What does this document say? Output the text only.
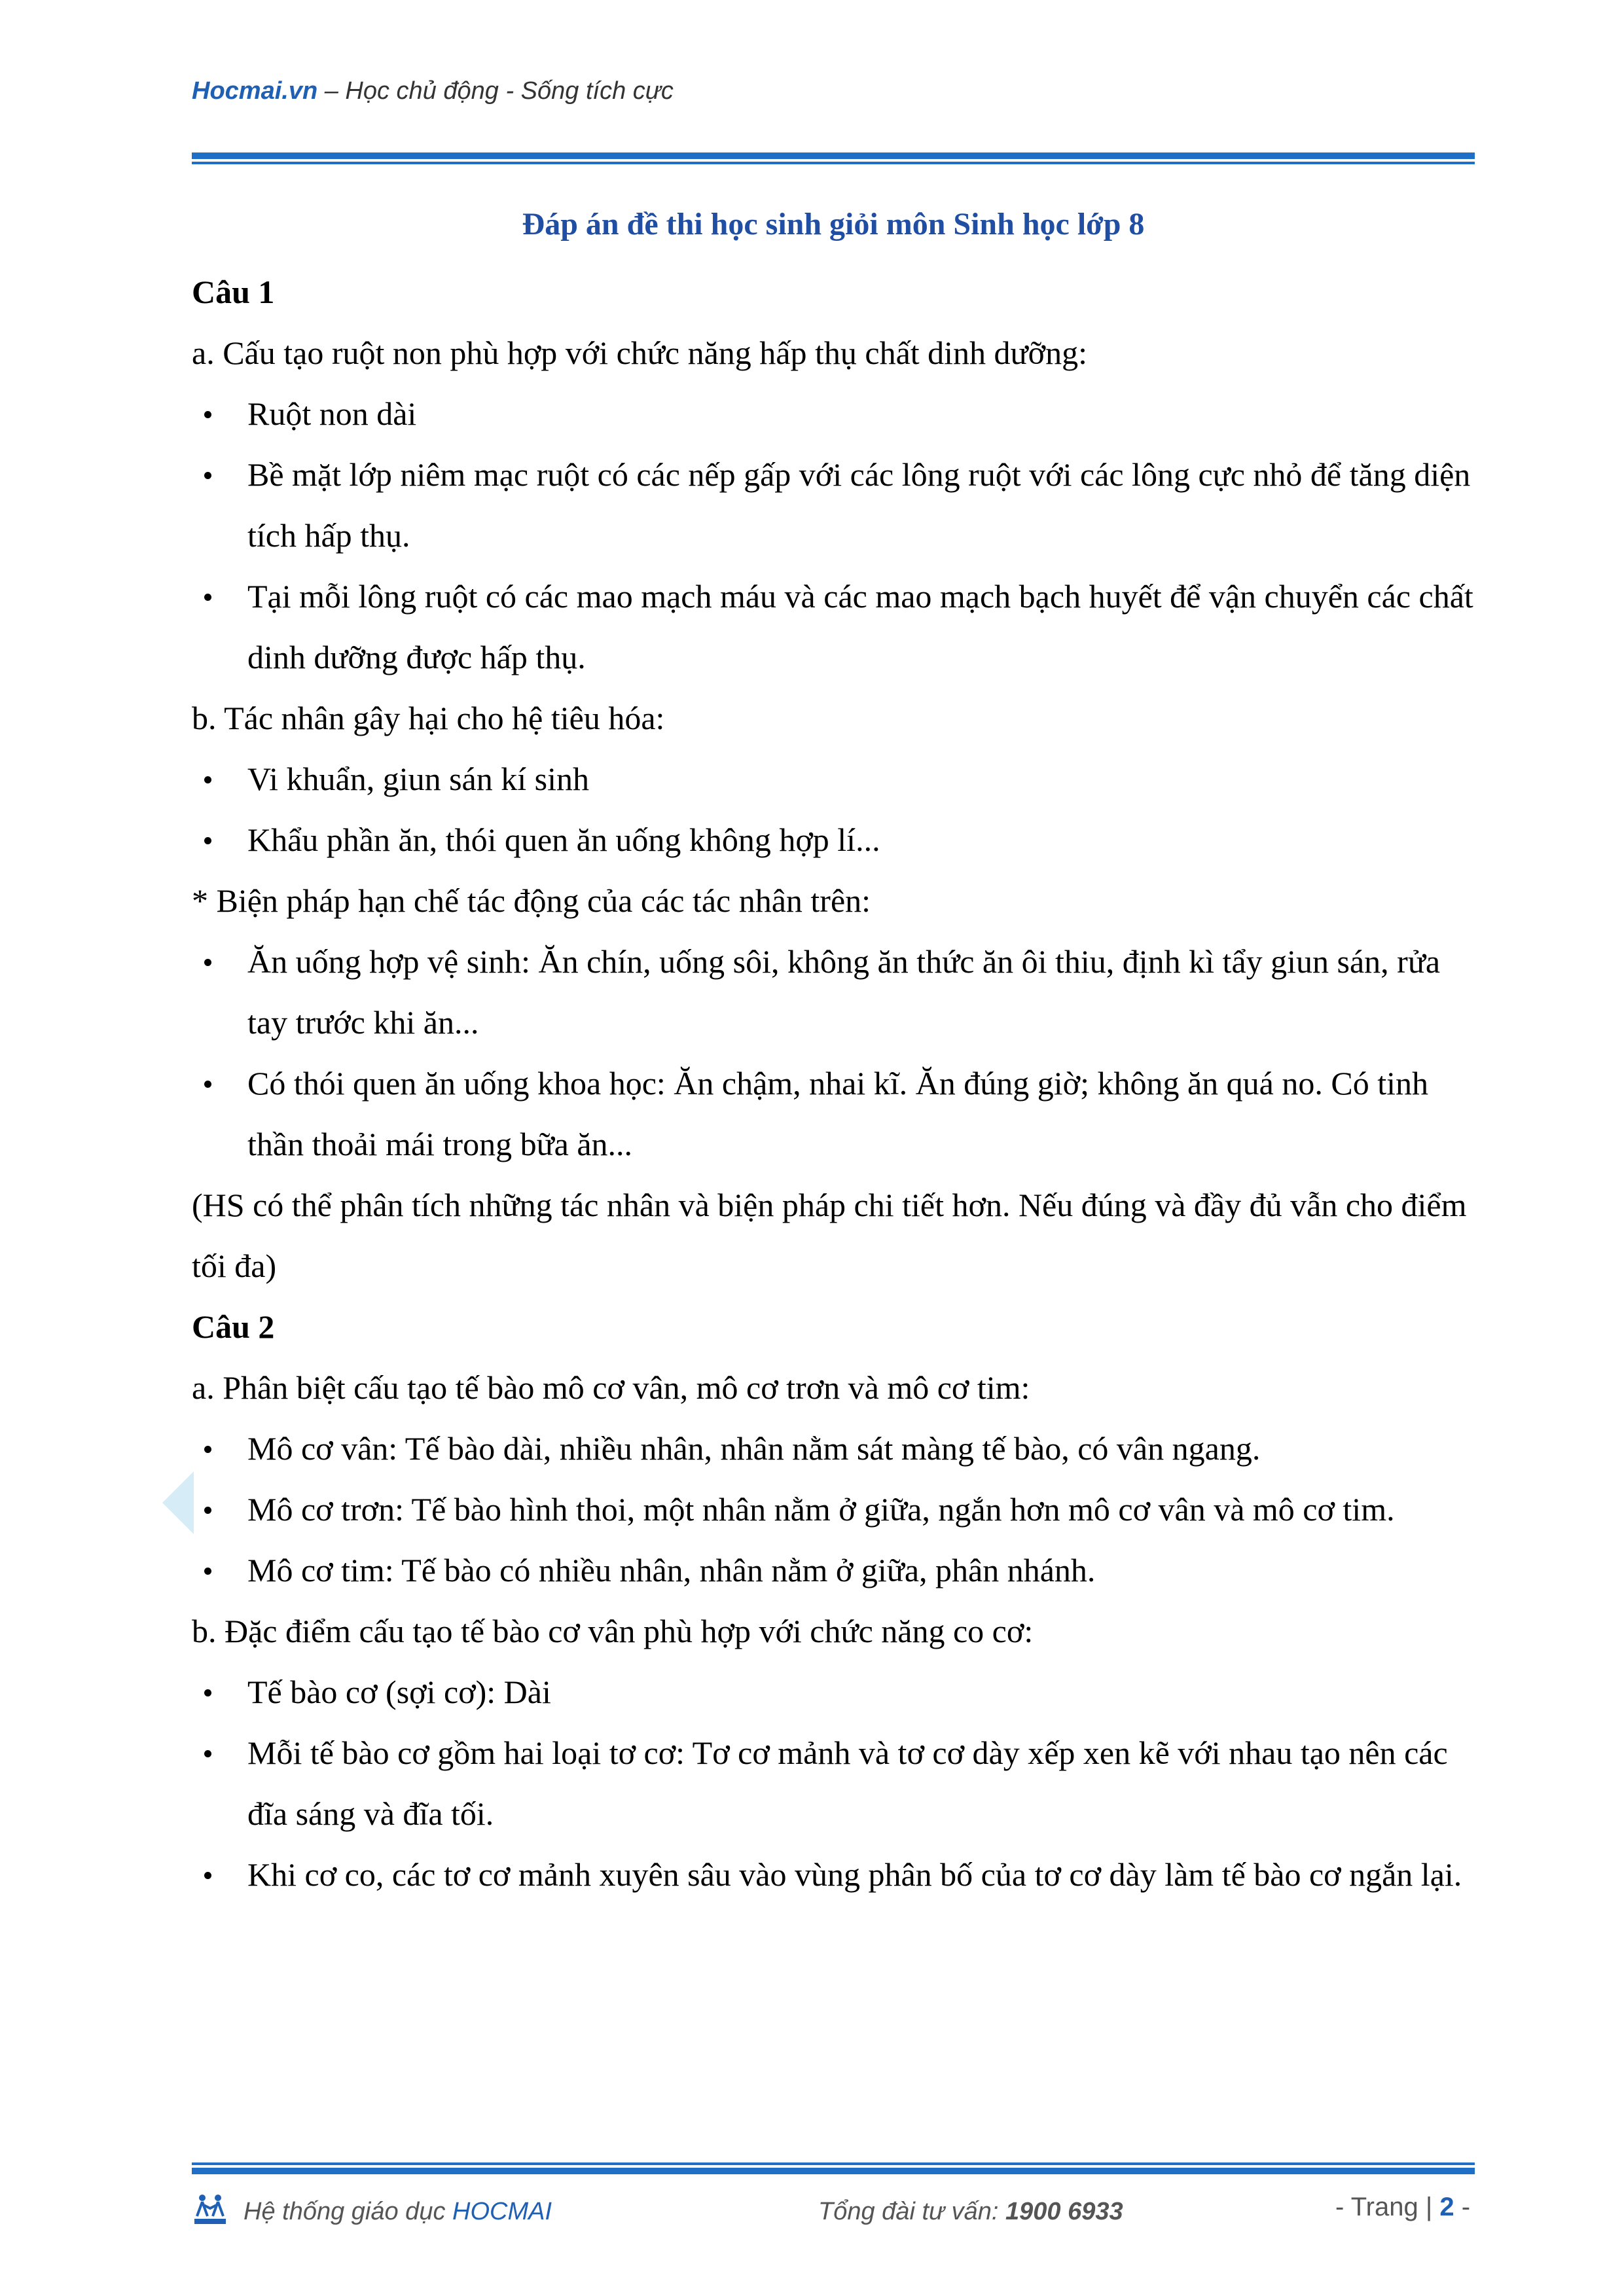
Hocmai.vn – Học chủ động - Sống tích cực
Đáp án đề thi học sinh giỏi môn Sinh học lớp 8

Câu 1

a. Cấu tạo ruột non phù hợp với chức năng hấp thụ chất dinh dưỡng:

Ruột non dài
Bề mặt lớp niêm mạc ruột có các nếp gấp với các lông ruột với các lông cực nhỏ để tăng diện tích hấp thụ.
Tại mỗi lông ruột có các mao mạch máu và các mao mạch bạch huyết để vận chuyển các chất dinh dưỡng được hấp thụ.

b. Tác nhân gây hại cho hệ tiêu hóa:

Vi khuẩn, giun sán kí sinh
Khẩu phần ăn, thói quen ăn uống không hợp lí...

* Biện pháp hạn chế tác động của các tác nhân trên:

Ăn uống hợp vệ sinh: Ăn chín, uống sôi, không ăn thức ăn ôi thiu, định kì tẩy giun sán, rửa tay trước khi ăn...
Có thói quen ăn uống khoa học: Ăn chậm, nhai kĩ. Ăn đúng giờ; không ăn quá no. Có tinh thần thoải mái trong bữa ăn...

(HS có thể phân tích những tác nhân và biện pháp chi tiết hơn. Nếu đúng và đầy đủ vẫn cho điểm tối đa)

Câu 2

a. Phân biệt cấu tạo tế bào mô cơ vân, mô cơ trơn và mô cơ tim:

Mô cơ vân: Tế bào dài, nhiều nhân, nhân nằm sát màng tế bào, có vân ngang.
Mô cơ trơn: Tế bào hình thoi, một nhân nằm ở giữa, ngắn hơn mô cơ vân và mô cơ tim.
Mô cơ tim: Tế bào có nhiều nhân, nhân nằm ở giữa, phân nhánh.

b. Đặc điểm cấu tạo tế bào cơ vân phù hợp với chức năng co cơ:

Tế bào cơ (sợi cơ): Dài
Mỗi tế bào cơ gồm hai loại tơ cơ: Tơ cơ mảnh và tơ cơ dày xếp xen kẽ với nhau tạo nên các đĩa sáng và đĩa tối.
Khi cơ co, các tơ cơ mảnh xuyên sâu vào vùng phân bố của tơ cơ dày làm tế bào cơ ngắn lại.
Hệ thống giáo dục HOCMAI	Tổng đài tư vấn: 1900 6933	- Trang | 2 -
